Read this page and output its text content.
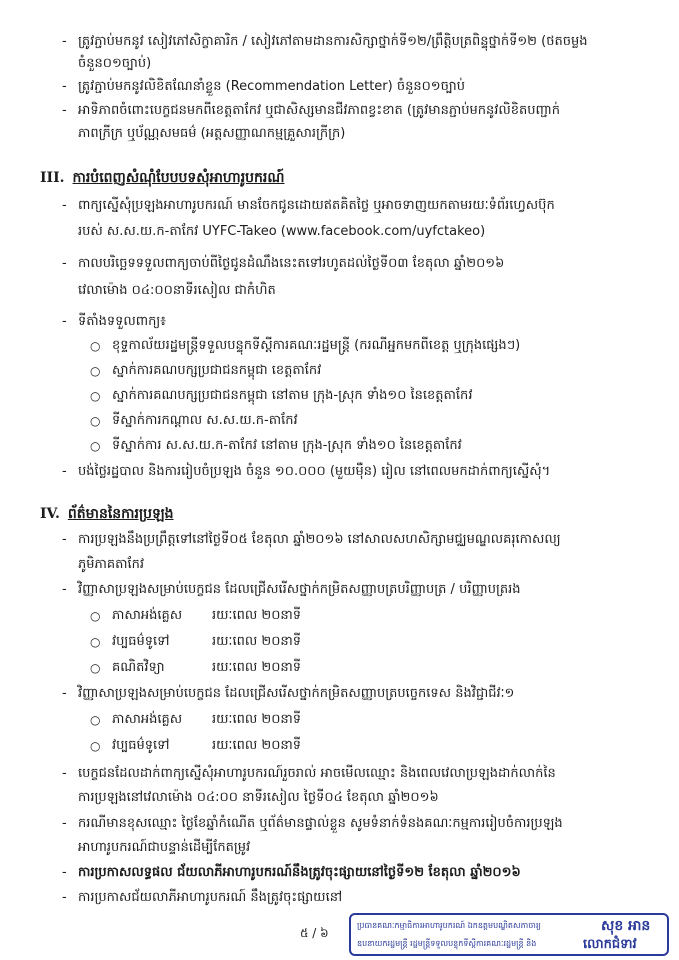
- ត្រូវភ្ជាប់មកនូវ សៀវភៅសិក្ខាគារិក / សៀវភៅតាមដានការសិក្សាថ្នាក់ទី១២/ព្រឹត្តិបត្រពិន្ទុថ្នាក់ទី១២ (ថតចម្លង
ចំនួន០១ច្បាប់)
- ត្រូវភ្ជាប់មកនូវលិខិតណែនាំខ្លួន (Recommendation Letter) ចំនួន០១ច្បាប់
- អាទិភាពចំពោះបេក្ខជនមកពីខេត្តតាកែវ ឬជាសិស្សមានជីវភាពខ្វះខាត (ត្រូវមានភ្ជាប់មកនូវលិខិតបញ្ជាក់
ភាពក្រីក្រ ឬប័ណ្ណសមធម៌ (អត្តសញ្ញាណកម្មគ្រួសារក្រីក្រ)
III. ការបំពេញសំណុំបែបបទសុំអាហារូបករណ៍
- ពាក្យស្នើសុំប្រឡងអាហារូបករណ៍ មានចែកជូនដោយឥតគិតថ្លៃ ឬអាចទាញយកតាមរយៈទំព័រហ្វេសប៊ុក
របស់ ស.ស.យ.ក-តាកែវ UYFC-Takeo (www.facebook.com/uyfctakeo)
- កាលបរិច្ឆេទទទួលពាក្យចាប់ពីថ្ងៃជូនដំណឹងនេះតទៅរហូតដល់ថ្ងៃទី០៣ ខែតុលា ឆ្នាំ២០១៦
វេលាម៉ោង ០៤:០០នាទីរសៀល ជាកំហិត
- ទីតាំងទទួលពាក្យ៖
○ ខុទ្ទកាល័យរដ្ឋមន្ត្រីទទួលបន្ទុកទីស្តីការគណៈរដ្ឋមន្ត្រី (ករណីអ្នកមកពីខេត្ត ឬក្រុងផ្សេងៗ)
○ ស្នាក់ការគណបក្សប្រជាជនកម្ពុជា ខេត្តតាកែវ
○ ស្នាក់ការគណបក្សប្រជាជនកម្ពុជា នៅតាម ក្រុង-ស្រុក ទាំង១០ នៃខេត្តតាកែវ
○ ទីស្នាក់ការកណ្តាល ស.ស.យ.ក-តាកែវ
○ ទីស្នាក់ការ ស.ស.យ.ក-តាកែវ នៅតាម ក្រុង-ស្រុក ទាំង១០ នៃខេត្តតាកែវ
- បង់ថ្លៃរដ្ឋបាល និងការរៀបចំប្រឡង ចំនួន ១០.០០០ (មួយម៉ឺន) រៀល នៅពេលមកដាក់ពាក្យស្នើសុំ។
IV. ព័ត៌មាននៃការប្រឡង
- ការប្រឡងនឹងប្រព្រឹត្តទៅនៅថ្ងៃទី០៥ ខែតុលា ឆ្នាំ២០១៦ នៅសាលសហសិក្សាមជ្ឈមណ្ឌលគរុកោសល្យ
ភូមិភាគតាកែវ
- វិញ្ញាសាប្រឡងសម្រាប់បេក្ខជន ដែលជ្រើសរើសថ្នាក់កម្រិតសញ្ញាបត្របរិញ្ញាបត្រ / បរិញ្ញាបត្ររង
○ ភាសាអង់គ្លេស រយៈពេល ២០នាទី
○ វប្បធម៌ទូទៅ	រយៈពេល ២០នាទី
○ គណិតវិទ្យា	រយៈពេល ២០នាទី
- វិញ្ញាសាប្រឡងសម្រាប់បេក្ខជន ដែលជ្រើសរើសថ្នាក់កម្រិតសញ្ញាបត្របច្ចេកទេស និងវិជ្ជាជីវៈ១
○ ភាសាអង់គ្លេស រយៈពេល ២០នាទី
○ វប្បធម៌ទូទៅ	រយៈពេល ២០នាទី
- បេក្ខជនដែលដាក់ពាក្យស្នើសុំអាហារូបករណ៍រួចរាល់ អាចមើលឈ្មោះ និងពេលវេលាប្រឡងដាក់លាក់នៃ
ការប្រឡងនៅវេលាម៉ោង ០៤:០០ នាទីរសៀល ថ្ងៃទី០៤ ខែតុលា ឆ្នាំ២០១៦
- ករណីមានខុសឈ្មោះ ថ្ងៃខែឆ្នាំកំណើត ឬព័ត៌មានផ្ទាល់ខ្លួន សូមទំនាក់ទំនងគណៈកម្មការរៀបចំការប្រឡង
អាហារូបករណ៍ជាបន្ទាន់ដើម្បីកែតម្រូវ
- ការប្រកាសលទ្ធផល ជ័យលាភីអាហារូបករណ៍នឹងត្រូវចុះផ្សាយនៅថ្ងៃទី១២ ខែតុលា ឆ្នាំ២០១៦
- ការប្រកាសជ័យលាភីអាហារូបករណ៍ នឹងត្រូវចុះផ្សាយនៅ
៥ / ៦
ប្រធានគណៈកម្មាធិការអាហារូបករណ៍ ឯកឧត្តមបណ្ឌិតសភាចារ្យ
ឧបនាយករដ្ឋមន្ត្រី រដ្ឋមន្ត្រីទទួលបន្ទុកទីស្តីការគណៈរដ្ឋមន្ត្រី និង
សុខ អាន
លោកជំទាវ
